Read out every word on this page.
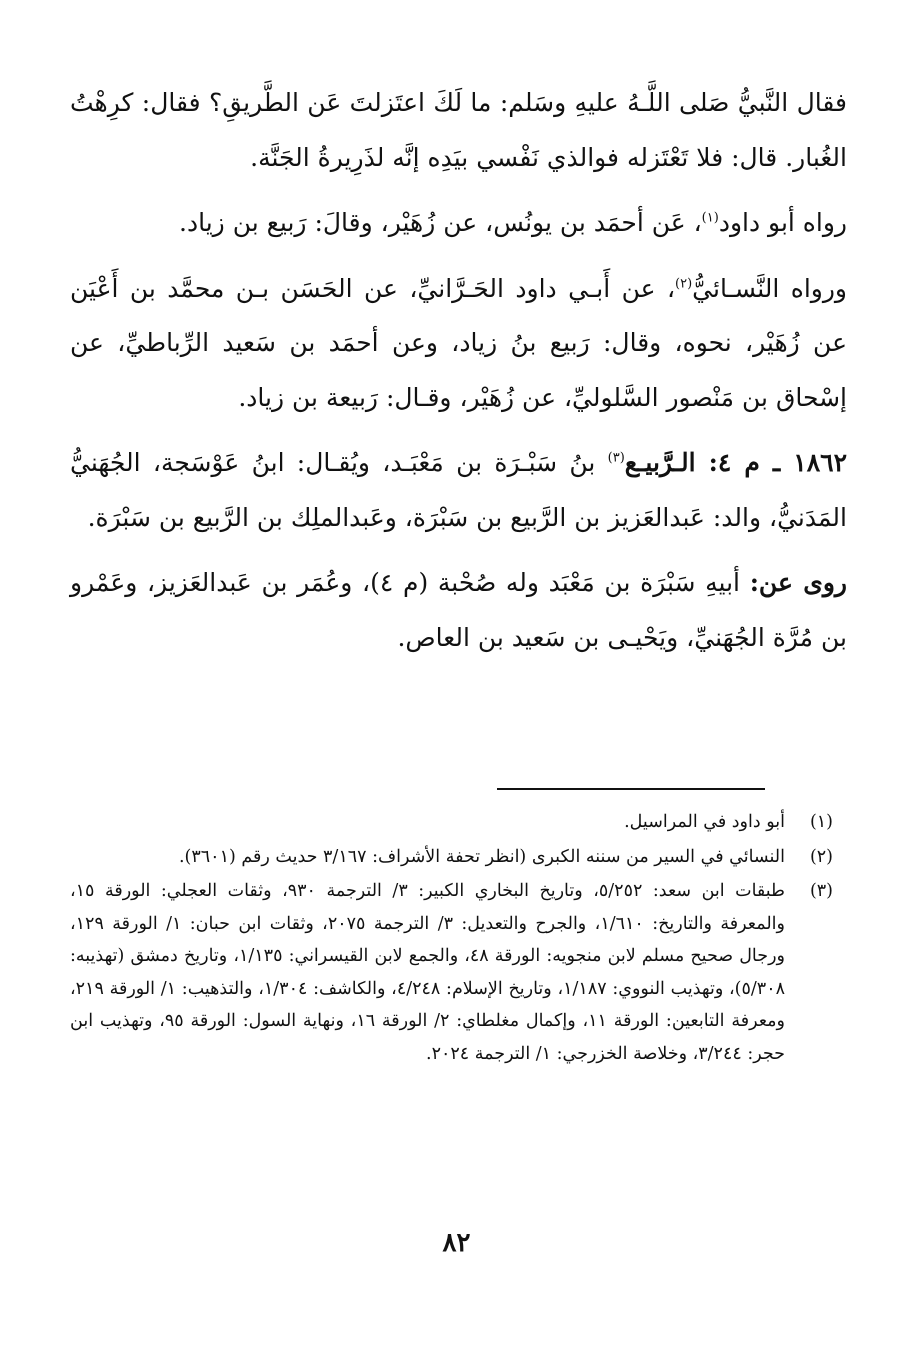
فقال النَّبيُّ صَلى اللَّـهُ عليهِ وسَلم: ما لَكَ اعتَزلتَ عَن الطَّريقِ؟ فقال: كرِهْتُ الغُبار. قال: فلا تَعْتَزله فوالذي نَفْسي بيَدِه إنَّه لذَرِيرةُ الجَنَّة.

رواه أبو داود$^{(١)}$، عَن أحمَد بن يونُس، عن زُهَيْر، وقالَ: رَبيع بن زياد.

ورواه النَّسـائيُّ$^{(٢)}$، عن أَبـي داود الحَـرَّانيِّ، عن الحَسَن بـن محمَّد بن أَعْيَن عن زُهَيْر، نحوه، وقال: رَبيع بنُ زياد، وعن أحمَد بن سَعيد الرِّباطيِّ، عن إسْحاق بن مَنْصور السَّلوليِّ، عن زُهَيْر، وقـال: رَبيعة بن زياد.

١٨٦٢ ـ م ٤: الـرَّبيـع$^{(٣)}$ بنُ سَبْـرَة بن مَعْبَـد، ويُقـال: ابنُ عَوْسَجة، الجُهَنيُّ المَدَنيُّ، والد: عَبدالعَزيز بن الرَّبيع بن سَبْرَة، وعَبدالملِك بن الرَّبيع بن سَبْرَة.

روى عن: أبيهِ سَبْرَة بن مَعْبَد وله صُحْبة (م ٤)، وعُمَر بن عَبدالعَزيز، وعَمْرو بن مُرَّة الجُهَنيِّ، ويَحْيـى بن سَعيد بن العاص.

(١)
أبو داود في المراسيل.
(٢)
النسائي في السير من سننه الكبرى (انظر تحفة الأشراف: ٣/١٦٧ حديث رقم (٣٦٠١).
(٣)
طبقات ابن سعد: ٥/٢٥٢، وتاريخ البخاري الكبير: ٣/ الترجمة ٩٣٠، وثقات العجلي: الورقة ١٥، والمعرفة والتاريخ: ١/٦١٠، والجرح والتعديل: ٣/ الترجمة ٢٠٧٥، وثقات ابن حبان: ١/ الورقة ١٢٩، ورجال صحيح مسلم لابن منجويه: الورقة ٤٨، والجمع لابن القيسراني: ١/١٣٥، وتاريخ دمشق (تهذيبه: ٥/٣٠٨)، وتهذيب النووي: ١/١٨٧، وتاريخ الإسلام: ٤/٢٤٨، والكاشف: ١/٣٠٤، والتذهيب: ١/ الورقة ٢١٩، ومعرفة التابعين: الورقة ١١، وإكمال مغلطاي: ٢/ الورقة ١٦، ونهاية السول: الورقة ٩٥، وتهذيب ابن حجر: ٣/٢٤٤، وخلاصة الخزرجي: ١/ الترجمة ٢٠٢٤.
٨٢
